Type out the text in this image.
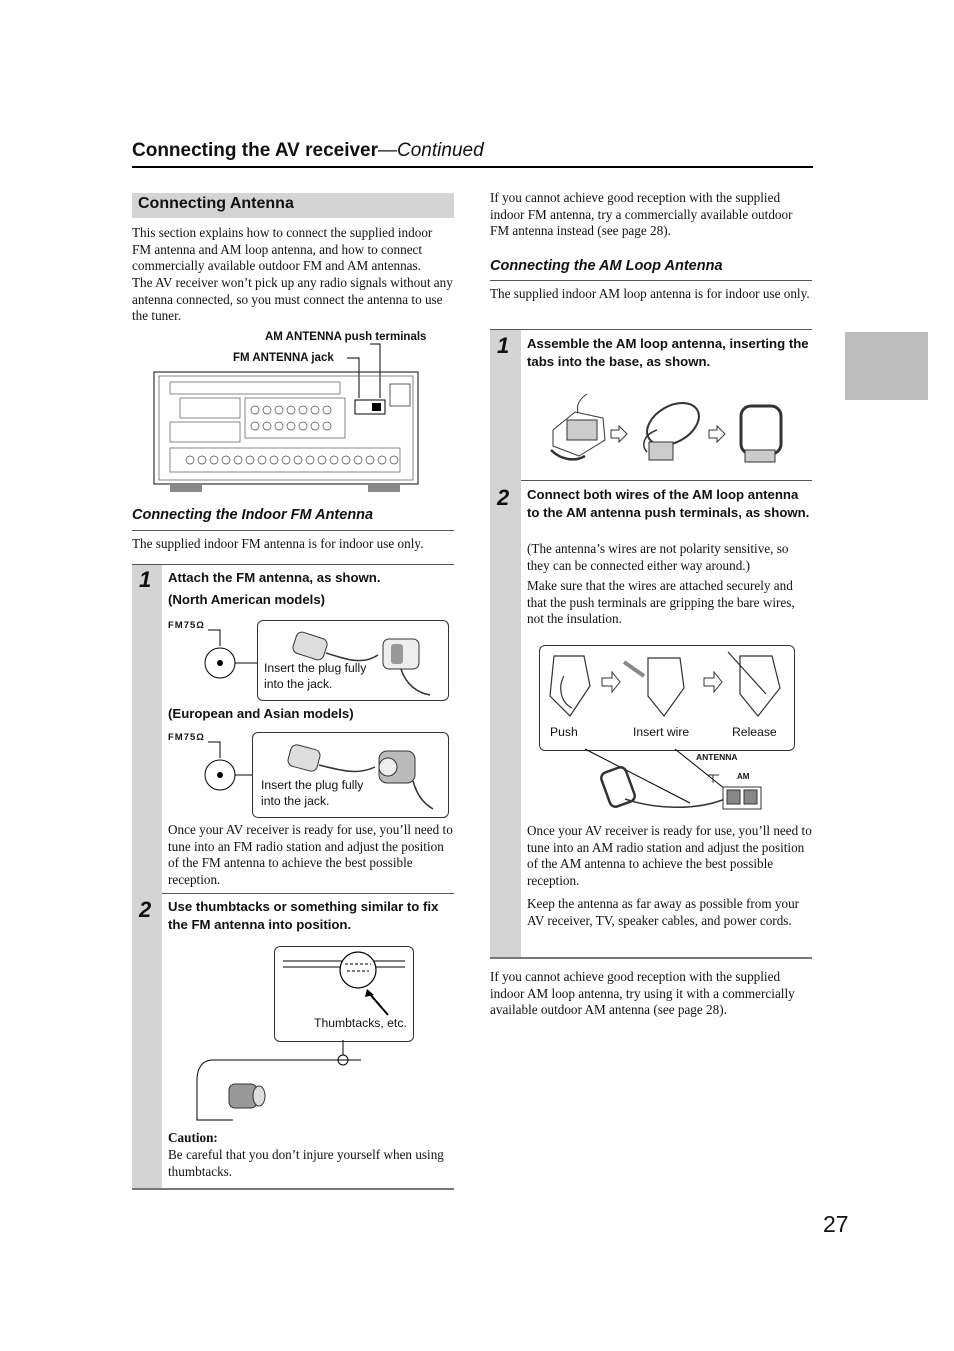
Connecting the AV receiver—Continued
27
Connecting Antenna
This section explains how to connect the supplied indoor FM antenna and AM loop antenna, and how to connect commercially available outdoor FM and AM antennas.
The AV receiver won’t pick up any radio signals without any antenna connected, so you must connect the antenna to use the tuner.
AM ANTENNA push terminals
FM ANTENNA jack
Connecting the Indoor FM Antenna
The supplied indoor FM antenna is for indoor use only.
1 Attach the FM antenna, as shown.
(North American models)
FM75Ω
Insert the plug fully
into the jack.
(European and Asian models)
FM75Ω
Insert the plug fully
into the jack.
Once your AV receiver is ready for use, you’ll need to tune into an FM radio station and adjust the position of the FM antenna to achieve the best possible reception.
2 Use thumbtacks or something similar to fix the FM antenna into position.
Thumbtacks, etc.
Caution:
Be careful that you don’t injure yourself when using thumbtacks.
If you cannot achieve good reception with the supplied indoor FM antenna, try a commercially available outdoor FM antenna instead (see page 28).
Connecting the AM Loop Antenna
The supplied indoor AM loop antenna is for indoor use only.
1 Assemble the AM loop antenna, inserting the tabs into the base, as shown.
2 Connect both wires of the AM loop antenna to the AM antenna push terminals, as shown.
(The antenna’s wires are not polarity sensitive, so they can be connected either way around.)
Make sure that the wires are attached securely and that the push terminals are gripping the bare wires, not the insulation.
Push	Insert wire	Release
ANTENNA
AM
Once your AV receiver is ready for use, you’ll need to tune into an AM radio station and adjust the position of the AM antenna to achieve the best possible reception.
Keep the antenna as far away as possible from your AV receiver, TV, speaker cables, and power cords.
If you cannot achieve good reception with the supplied indoor AM loop antenna, try using it with a commercially available outdoor AM antenna (see page 28).
